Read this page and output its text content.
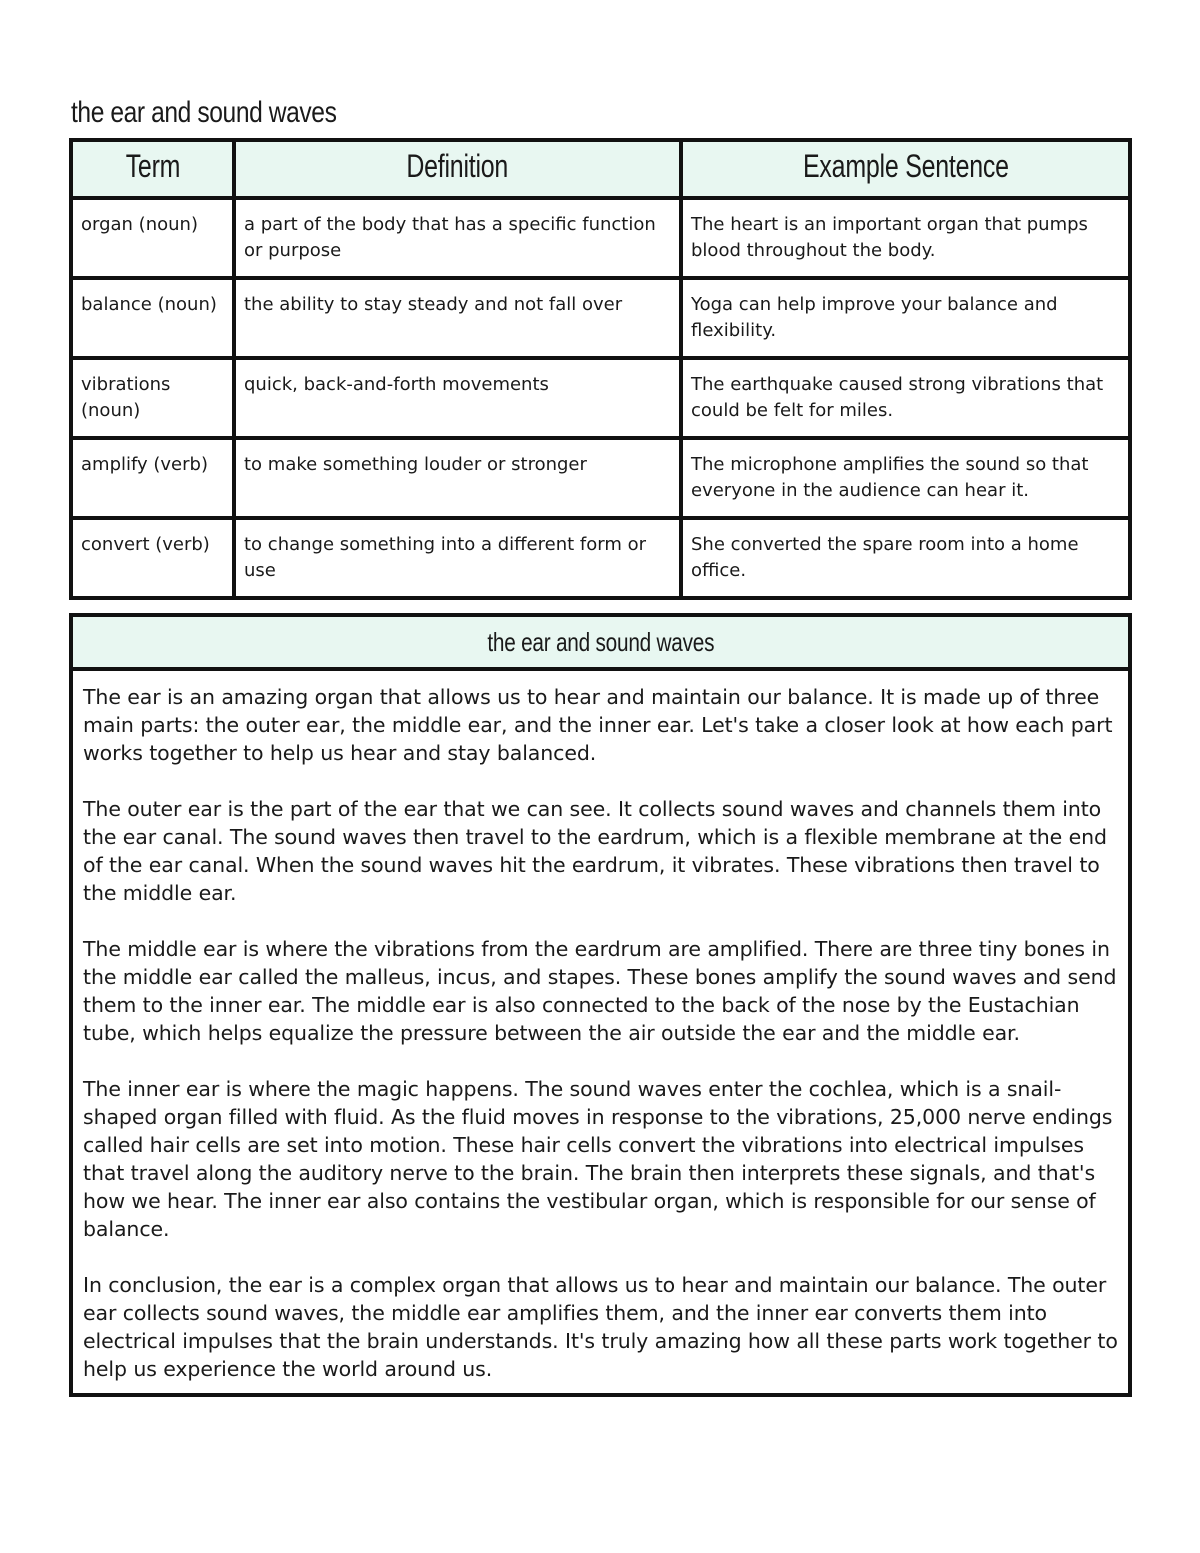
the ear and sound waves
Term	Definition	Example Sentence
organ (noun)	a part of the body that has a specific function or purpose	The heart is an important organ that pumps blood throughout the body.
balance (noun)	the ability to stay steady and not fall over	Yoga can help improve your balance and flexibility.
vibrations (noun)	quick, back-and-forth movements	The earthquake caused strong vibrations that could be felt for miles.
amplify (verb)	to make something louder or stronger	The microphone amplifies the sound so that everyone in the audience can hear it.
convert (verb)	to change something into a different form or use	She converted the spare room into a home office.
the ear and sound waves

The ear is an amazing organ that allows us to hear and maintain our balance. It is made up of three main parts: the outer ear, the middle ear, and the inner ear. Let's take a closer look at how each part works together to help us hear and stay balanced.

The outer ear is the part of the ear that we can see. It collects sound waves and channels them into the ear canal. The sound waves then travel to the eardrum, which is a flexible membrane at the end of the ear canal. When the sound waves hit the eardrum, it vibrates. These vibrations then travel to the middle ear.

The middle ear is where the vibrations from the eardrum are amplified. There are three tiny bones in the middle ear called the malleus, incus, and stapes. These bones amplify the sound waves and send them to the inner ear. The middle ear is also connected to the back of the nose by the Eustachian tube, which helps equalize the pressure between the air outside the ear and the middle ear.

The inner ear is where the magic happens. The sound waves enter the cochlea, which is a snail-shaped organ filled with fluid. As the fluid moves in response to the vibrations, 25,000 nerve endings called hair cells are set into motion. These hair cells convert the vibrations into electrical impulses that travel along the auditory nerve to the brain. The brain then interprets these signals, and that's how we hear. The inner ear also contains the vestibular organ, which is responsible for our sense of balance.

In conclusion, the ear is a complex organ that allows us to hear and maintain our balance. The outer ear collects sound waves, the middle ear amplifies them, and the inner ear converts them into electrical impulses that the brain understands. It's truly amazing how all these parts work together to help us experience the world around us.
